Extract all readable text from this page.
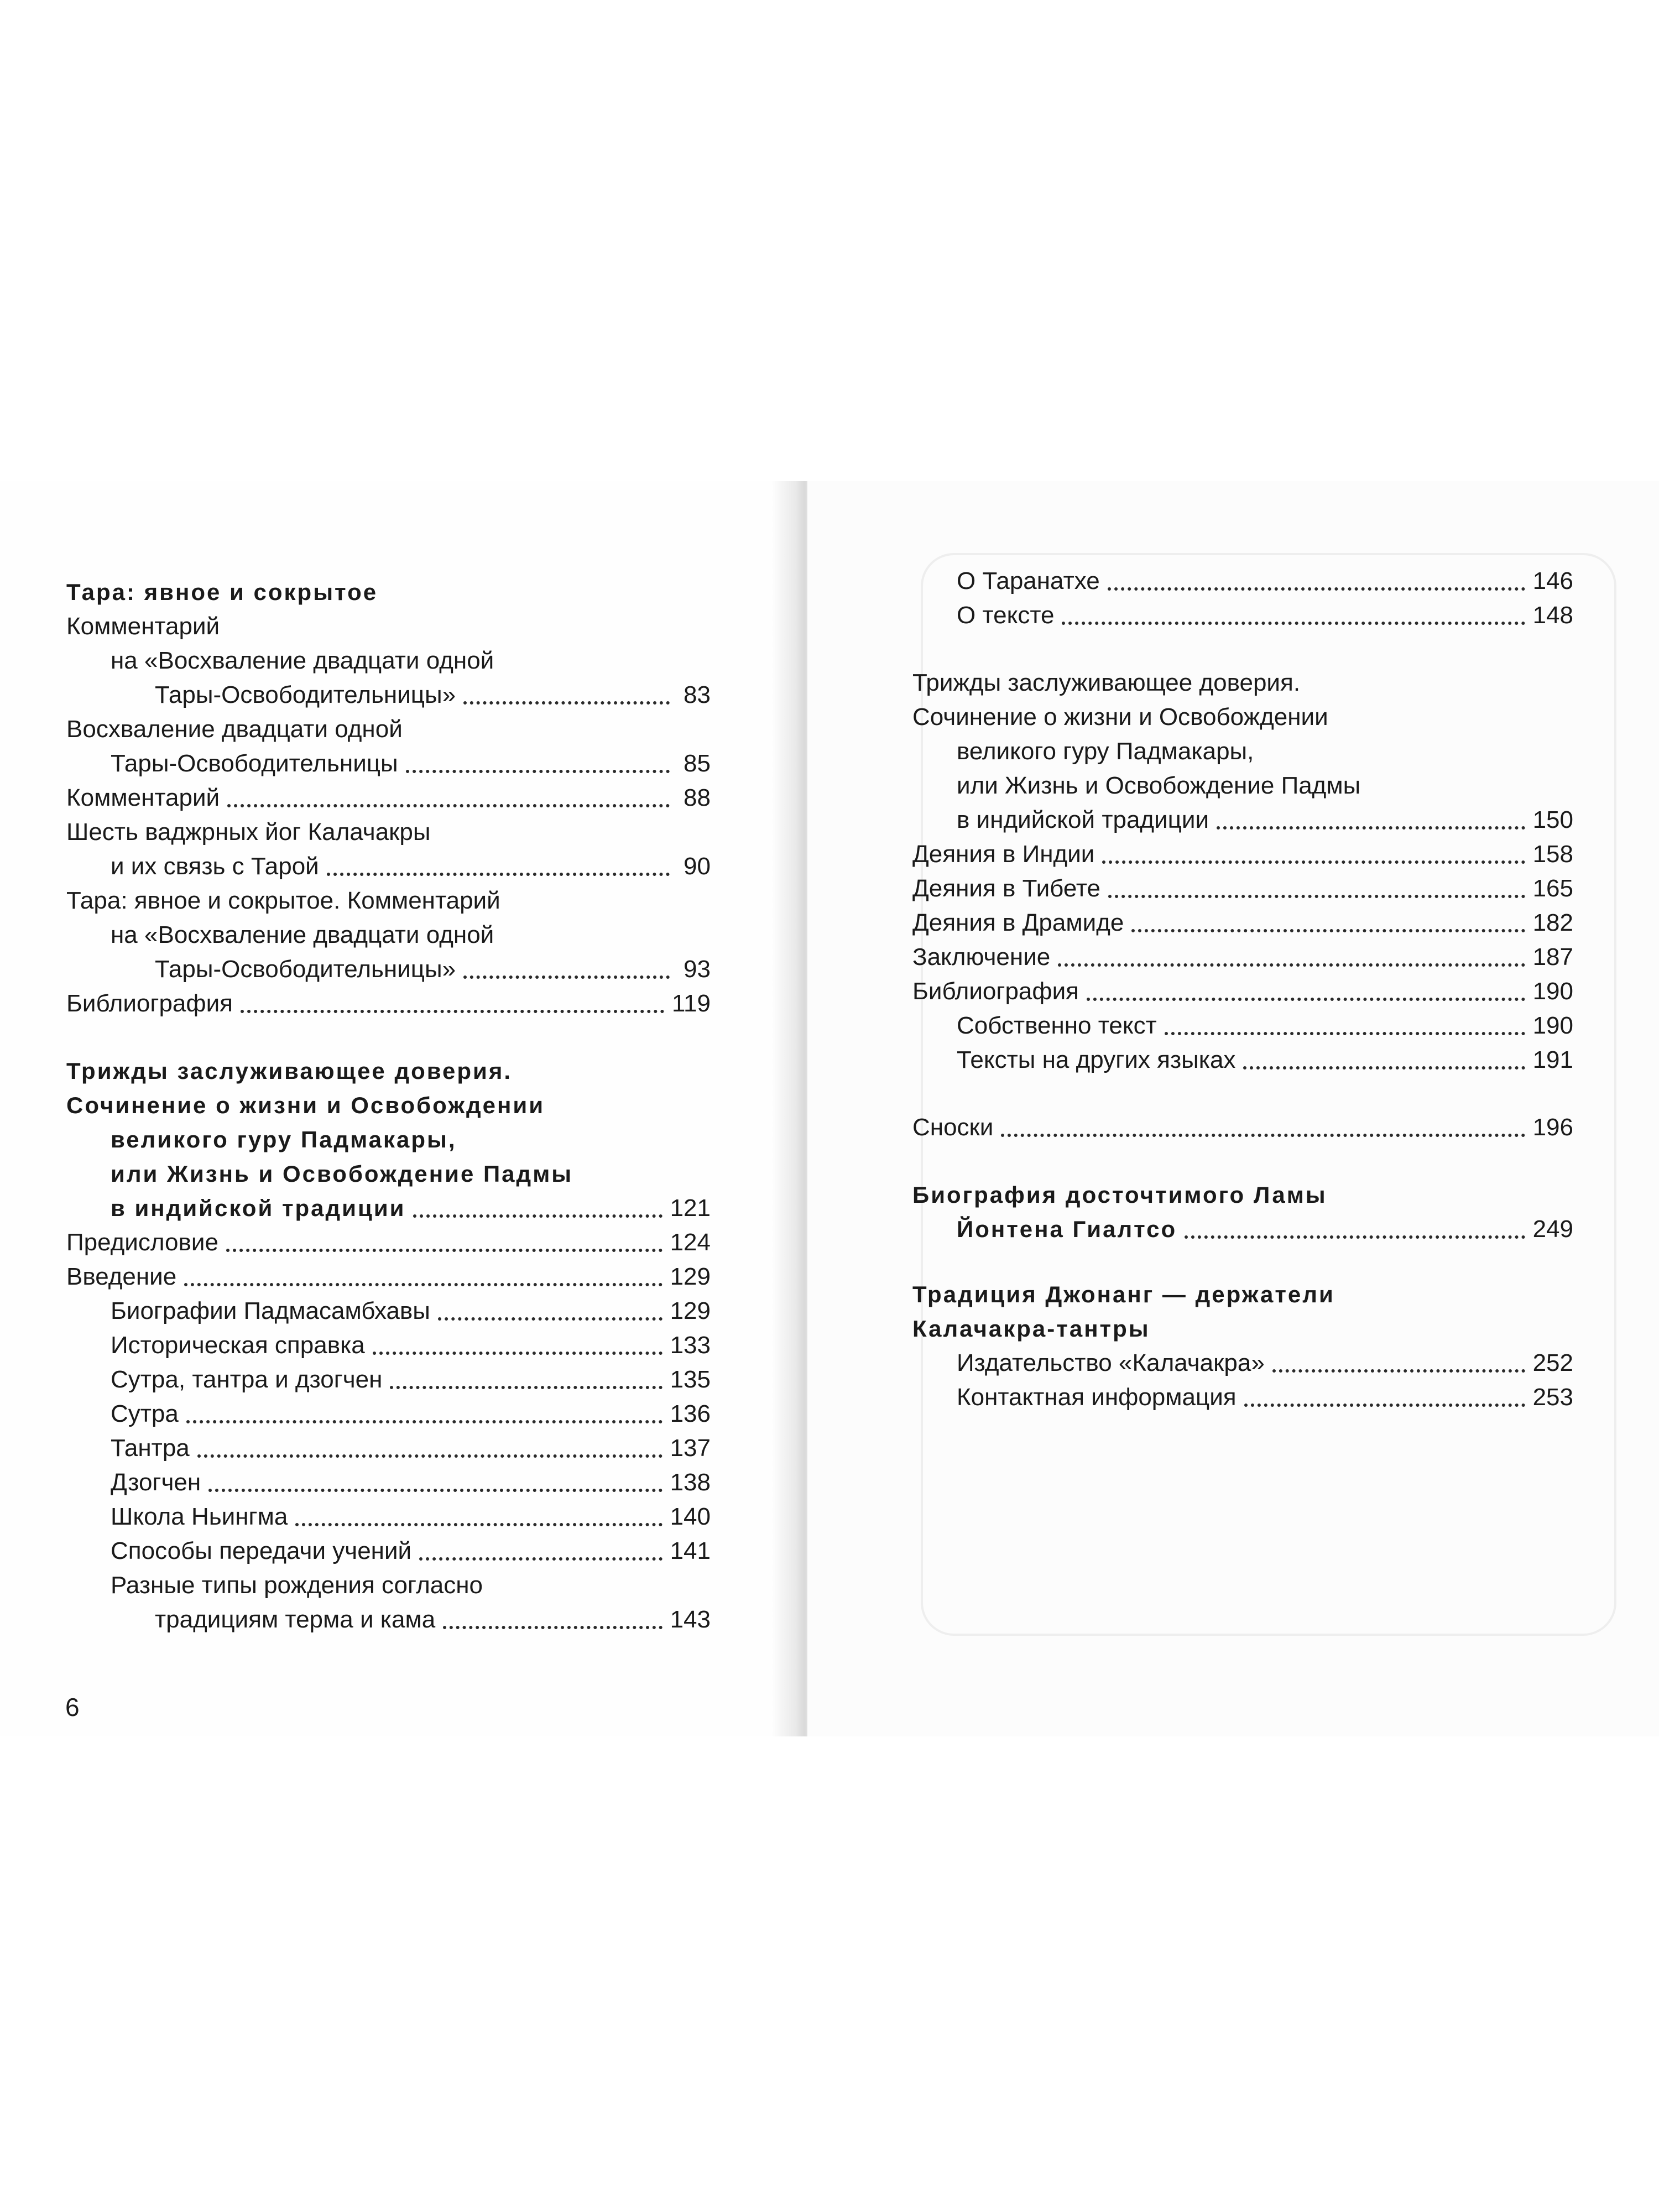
Тара: явное и сокрытое
Комментарий
на «Восхваление двадцати одной
Тары-Освободительницы»	83
Восхваление двадцати одной
Тары-Освободительницы	85
Комментарий	88
Шесть ваджрных йог Калачакры
и их связь с Тарой	90
Тара: явное и сокрытое. Комментарий
на «Восхваление двадцати одной
Тары-Освободительницы»	93
Библиография	119
Трижды заслуживающее доверия.
Сочинение о жизни и Освобождении
великого гуру Падмакары,
или Жизнь и Освобождение Падмы
в индийской традиции	121
Предисловие	124
Введение	129
Биографии Падмасамбхавы	129
Историческая справка	133
Сутра, тантра и дзогчен	135
Сутра	136
Тантра	137
Дзогчен	138
Школа Ньингма	140
Способы передачи учений	141
Разные типы рождения согласно
традициям терма и кама	143
6
О Таранатхе	146
О тексте	148
Трижды заслуживающее доверия.
Сочинение о жизни и Освобождении
великого гуру Падмакары,
или Жизнь и Освобождение Падмы
в индийской традиции	150
Деяния в Индии	158
Деяния в Тибете	165
Деяния в Драмиде	182
Заключение	187
Библиография	190
Собственно текст	190
Тексты на других языках	191
Сноски	196
Биография досточтимого Ламы
Йонтена Гиалтсо	249
Традиция Джонанг — держатели
Калачакра-тантры
Издательство «Калачакра»	252
Контактная информация	253
